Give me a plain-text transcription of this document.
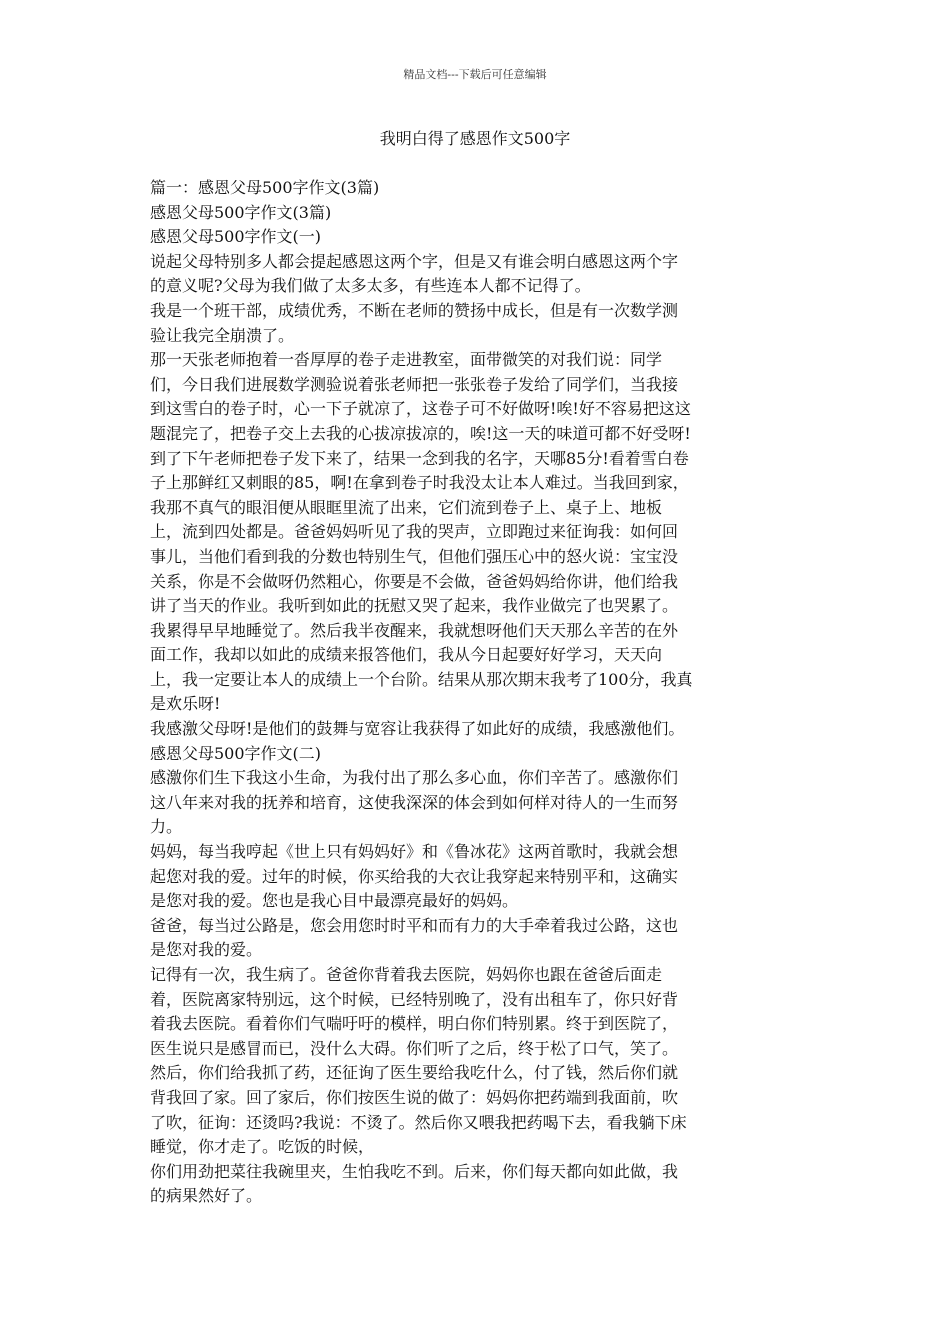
精品文档---下载后可任意编辑
我明白得了感恩作文500字
篇一：感恩父母500字作文(3篇)
感恩父母500字作文(3篇)
感恩父母500字作文(一)
说起父母特别多人都会提起感恩这两个字，但是又有谁会明白感恩这两个字
的意义呢?父母为我们做了太多太多，有些连本人都不记得了。
我是一个班干部，成绩优秀，不断在老师的赞扬中成长，但是有一次数学测
验让我完全崩溃了。
那一天张老师抱着一沓厚厚的卷子走进教室，面带微笑的对我们说：同学
们，今日我们进展数学测验说着张老师把一张张卷子发给了同学们，当我接
到这雪白的卷子时，心一下子就凉了，这卷子可不好做呀!唉!好不容易把这这
题混完了，把卷子交上去我的心拔凉拔凉的，唉!这一天的味道可都不好受呀!
到了下午老师把卷子发下来了，结果一念到我的名字，天哪85分!看着雪白卷
子上那鲜红又刺眼的85，啊!在拿到卷子时我没太让本人难过。当我回到家，
我那不真气的眼泪便从眼眶里流了出来，它们流到卷子上、桌子上、地板
上，流到四处都是。爸爸妈妈听见了我的哭声，立即跑过来征询我：如何回
事儿，当他们看到我的分数也特别生气，但他们强压心中的怒火说：宝宝没
关系，你是不会做呀仍然粗心，你要是不会做，爸爸妈妈给你讲，他们给我
讲了当天的作业。我听到如此的抚慰又哭了起来，我作业做完了也哭累了。
我累得早早地睡觉了。然后我半夜醒来，我就想呀他们天天那么辛苦的在外
面工作，我却以如此的成绩来报答他们，我从今日起要好好学习，天天向
上，我一定要让本人的成绩上一个台阶。结果从那次期末我考了100分，我真
是欢乐呀!
我感激父母呀!是他们的鼓舞与宽容让我获得了如此好的成绩，我感激他们。
感恩父母500字作文(二)
感激你们生下我这小生命，为我付出了那么多心血，你们辛苦了。感激你们
这八年来对我的抚养和培育，这使我深深的体会到如何样对待人的一生而努
力。
妈妈，每当我哼起《世上只有妈妈好》和《鲁冰花》这两首歌时，我就会想
起您对我的爱。过年的时候，你买给我的大衣让我穿起来特别平和，这确实
是您对我的爱。您也是我心目中最漂亮最好的妈妈。
爸爸，每当过公路是，您会用您时时平和而有力的大手牵着我过公路，这也
是您对我的爱。
记得有一次，我生病了。爸爸你背着我去医院，妈妈你也跟在爸爸后面走
着，医院离家特别远，这个时候，已经特别晚了，没有出租车了，你只好背
着我去医院。看着你们气喘吁吁的模样，明白你们特别累。终于到医院了，
医生说只是感冒而已，没什么大碍。你们听了之后，终于松了口气，笑了。
然后，你们给我抓了药，还征询了医生要给我吃什么，付了钱，然后你们就
背我回了家。回了家后，你们按医生说的做了：妈妈你把药端到我面前，吹
了吹，征询：还烫吗?我说：不烫了。然后你又喂我把药喝下去，看我躺下床
睡觉，你才走了。吃饭的时候，
你们用劲把菜往我碗里夹，生怕我吃不到。后来，你们每天都向如此做，我
的病果然好了。
